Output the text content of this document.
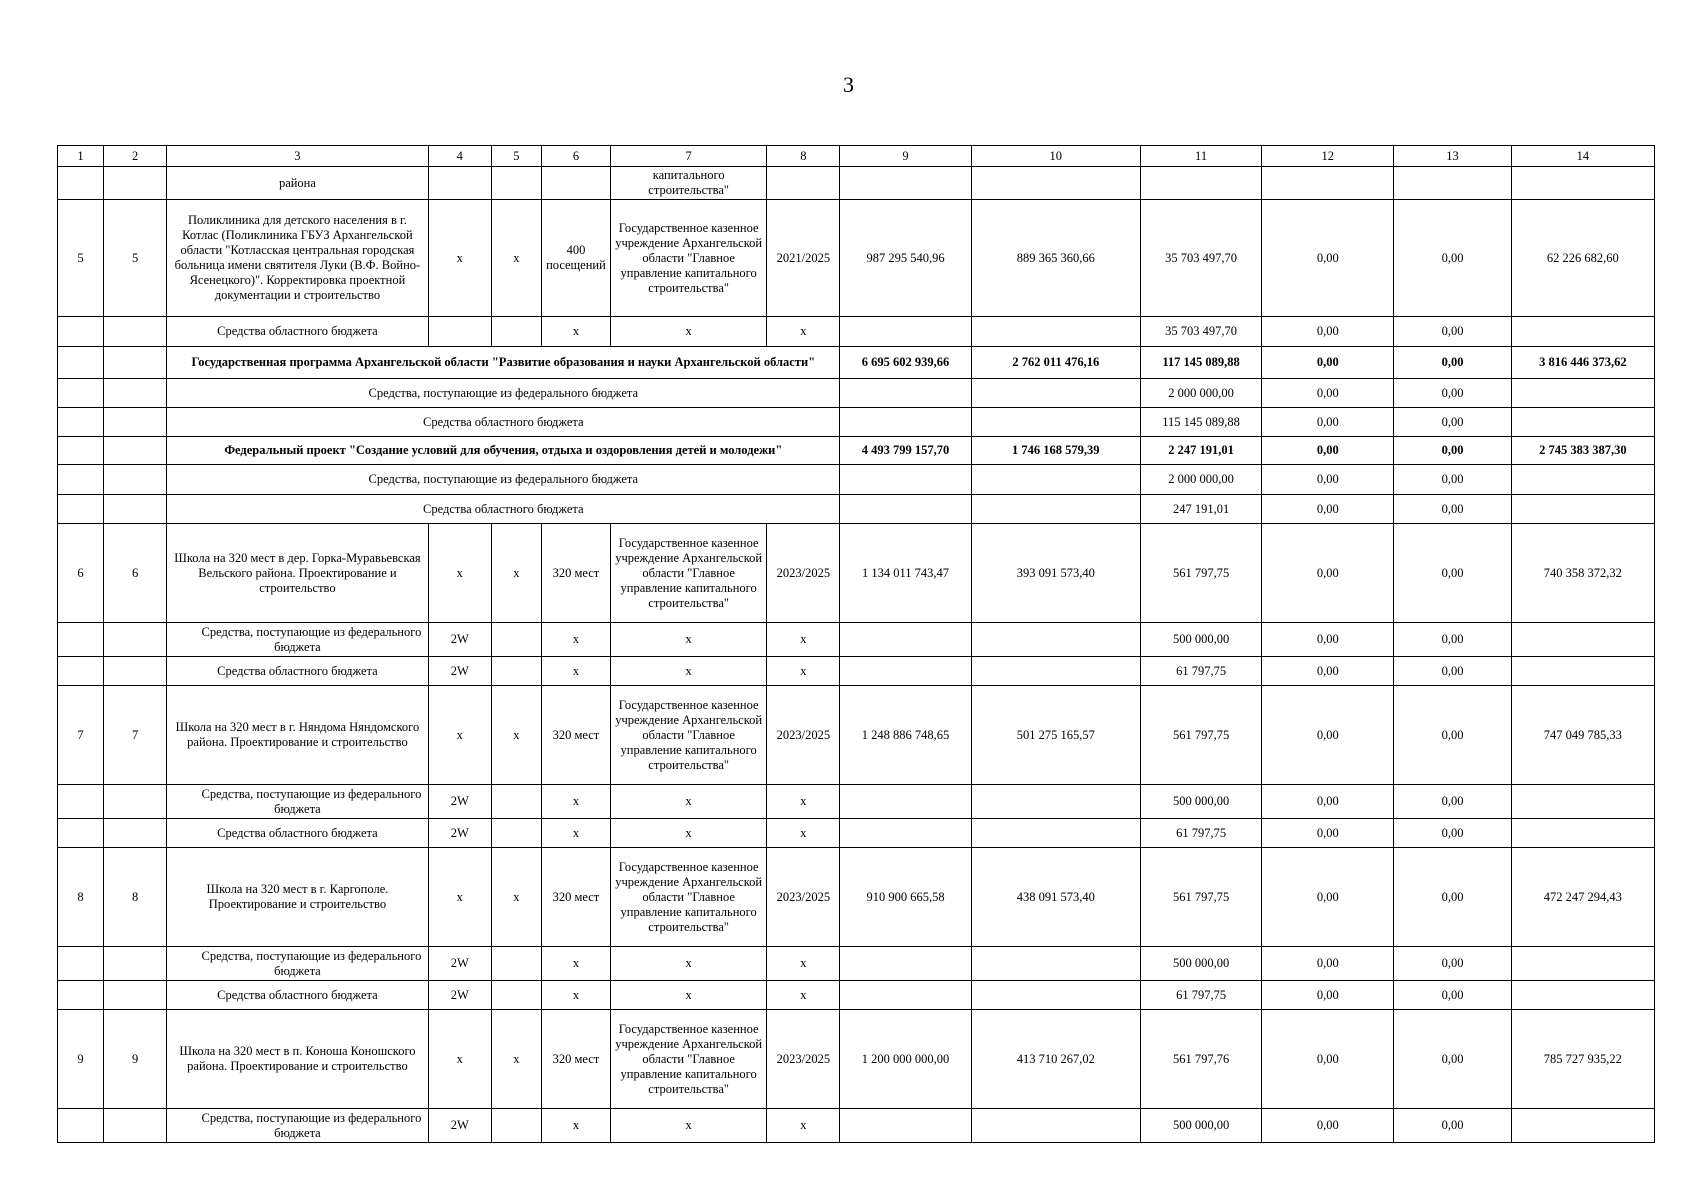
3
1	2	3	4	5	6	7	8	9	10	11	12	13	14
		района				капитального строительства"							
5	5	Поликлиника для детского населения в г. Котлас (Поликлиника ГБУЗ Архангельской области "Котласская центральная городская больница имени святителя Луки (В.Ф. Войно-Ясенецкого)". Корректировка проектной документации и строительство	x	x	400 посещений	Государственное казенное учреждение Архангельской области "Главное управление капитального строительства"	2021/2025	987 295 540,96	889 365 360,66	35 703 497,70	0,00	0,00	62 226 682,60
		Средства областного бюджета			x	x	x			35 703 497,70	0,00	0,00	
		Государственная программа Архангельской области "Развитие образования и науки Архангельской области"						6 695 602 939,66	2 762 011 476,16	117 145 089,88	0,00	0,00	3 816 446 373,62
		Средства, поступающие из федерального бюджета								2 000 000,00	0,00	0,00	
		Средства областного бюджета								115 145 089,88	0,00	0,00	
		Федеральный проект "Создание условий для обучения, отдыха и оздоровления детей и молодежи"						4 493 799 157,70	1 746 168 579,39	2 247 191,01	0,00	0,00	2 745 383 387,30
		Средства, поступающие из федерального бюджета								2 000 000,00	0,00	0,00	
		Средства областного бюджета								247 191,01	0,00	0,00	
6	6	Школа на 320 мест в дер. Горка-Муравьевская Вельского района. Проектирование и строительство	x	x	320 мест	Государственное казенное учреждение Архангельской области "Главное управление капитального строительства"	2023/2025	1 134 011 743,47	393 091 573,40	561 797,75	0,00	0,00	740 358 372,32
		Средства, поступающие из федерального бюджета	2W		x	x	x			500 000,00	0,00	0,00	
		Средства областного бюджета	2W		x	x	x			61 797,75	0,00	0,00	
7	7	Школа на 320 мест в г. Няндома Няндомского района. Проектирование и строительство	x	x	320 мест	Государственное казенное учреждение Архангельской области "Главное управление капитального строительства"	2023/2025	1 248 886 748,65	501 275 165,57	561 797,75	0,00	0,00	747 049 785,33
		Средства, поступающие из федерального бюджета	2W		x	x	x			500 000,00	0,00	0,00	
		Средства областного бюджета	2W		x	x	x			61 797,75	0,00	0,00	
8	8	Школа на 320 мест в г. Каргополе. Проектирование и строительство	x	x	320 мест	Государственное казенное учреждение Архангельской области "Главное управление капитального строительства"	2023/2025	910 900 665,58	438 091 573,40	561 797,75	0,00	0,00	472 247 294,43
		Средства, поступающие из федерального бюджета	2W		x	x	x			500 000,00	0,00	0,00	
		Средства областного бюджета	2W		x	x	x			61 797,75	0,00	0,00	
9	9	Школа на 320 мест в п. Коноша Коношского района. Проектирование и строительство	x	x	320 мест	Государственное казенное учреждение Архангельской области "Главное управление капитального строительства"	2023/2025	1 200 000 000,00	413 710 267,02	561 797,76	0,00	0,00	785 727 935,22
		Средства, поступающие из федерального бюджета	2W		x	x	x			500 000,00	0,00	0,00	
